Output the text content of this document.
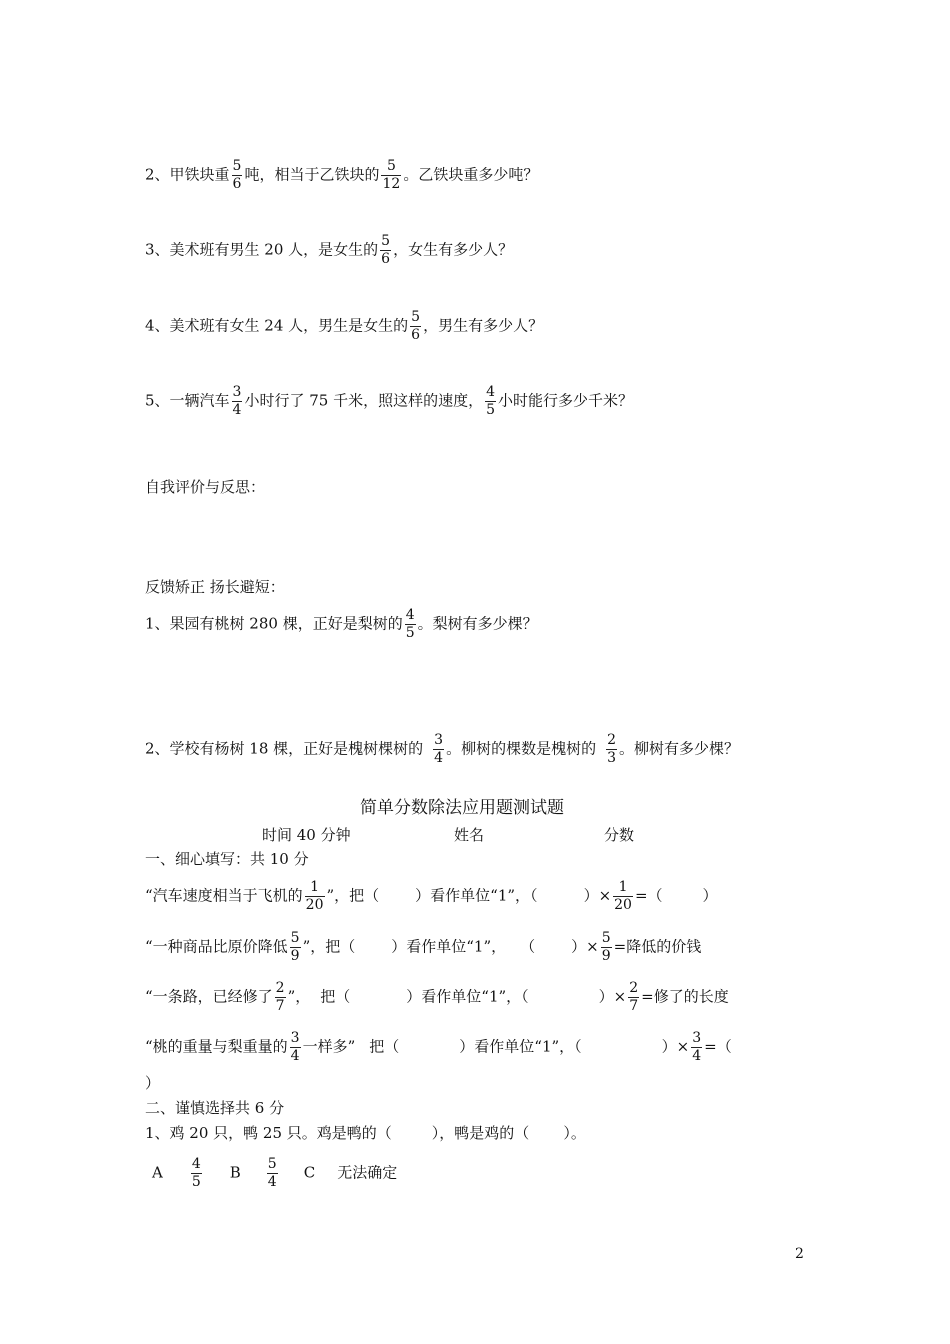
2、甲铁块重 $\frac{5}{6}$ 吨，相当于乙铁块的 $\frac{5}{12}$ 。乙铁块重多少吨？
3、美术班有男生 20 人，是女生的 $\frac{5}{6}$ ，女生有多少人？
4、美术班有女生 24 人，男生是女生的 $\frac{5}{6}$ ，男生有多少人？
5、一辆汽车 $\frac{3}{4}$ 小时行了 75 千米，照这样的速度， $\frac{4}{5}$ 小时能行多少千米？
自我评价与反思：
反馈矫正 扬长避短：
1、果园有桃树 280 棵，正好是梨树的 $\frac{4}{5}$ 。梨树有多少棵？
2、学校有杨树 18 棵，正好是槐树棵树的 $\frac{3}{4}$ 。柳树的棵数是槐树的 $\frac{2}{3}$ 。柳树有多少棵？
简单分数除法应用题测试题
时间 40 分钟	姓名	分数
一、细心填写：共 10 分
“汽车速度相当于飞机的 $\frac{1}{20}$ ”，把（ ）看作单位“1”，（	）× $\frac{1}{20}$ =（	）
“一种商品比原价降低 $\frac{5}{9}$ ”，把（ ）看作单位“1”， （ ）× $\frac{5}{9}$ =降低的价钱
“一条路，已经修了 $\frac{2}{7}$ ”， 把（	）看作单位“1”，（	）× $\frac{2}{7}$ =修了的长度
“桃的重量与梨重量的 $\frac{3}{4}$ 一样多” 把（	）看作单位“1”，（	）× $\frac{3}{4}$ =（
）
二、谨慎选择共 6 分
1、鸡 20 只，鸭 25 只。鸡是鸭的（	），鸭是鸡的（ ）。
A $\frac{4}{5}$ B $\frac{5}{4}$ C 无法确定
2
